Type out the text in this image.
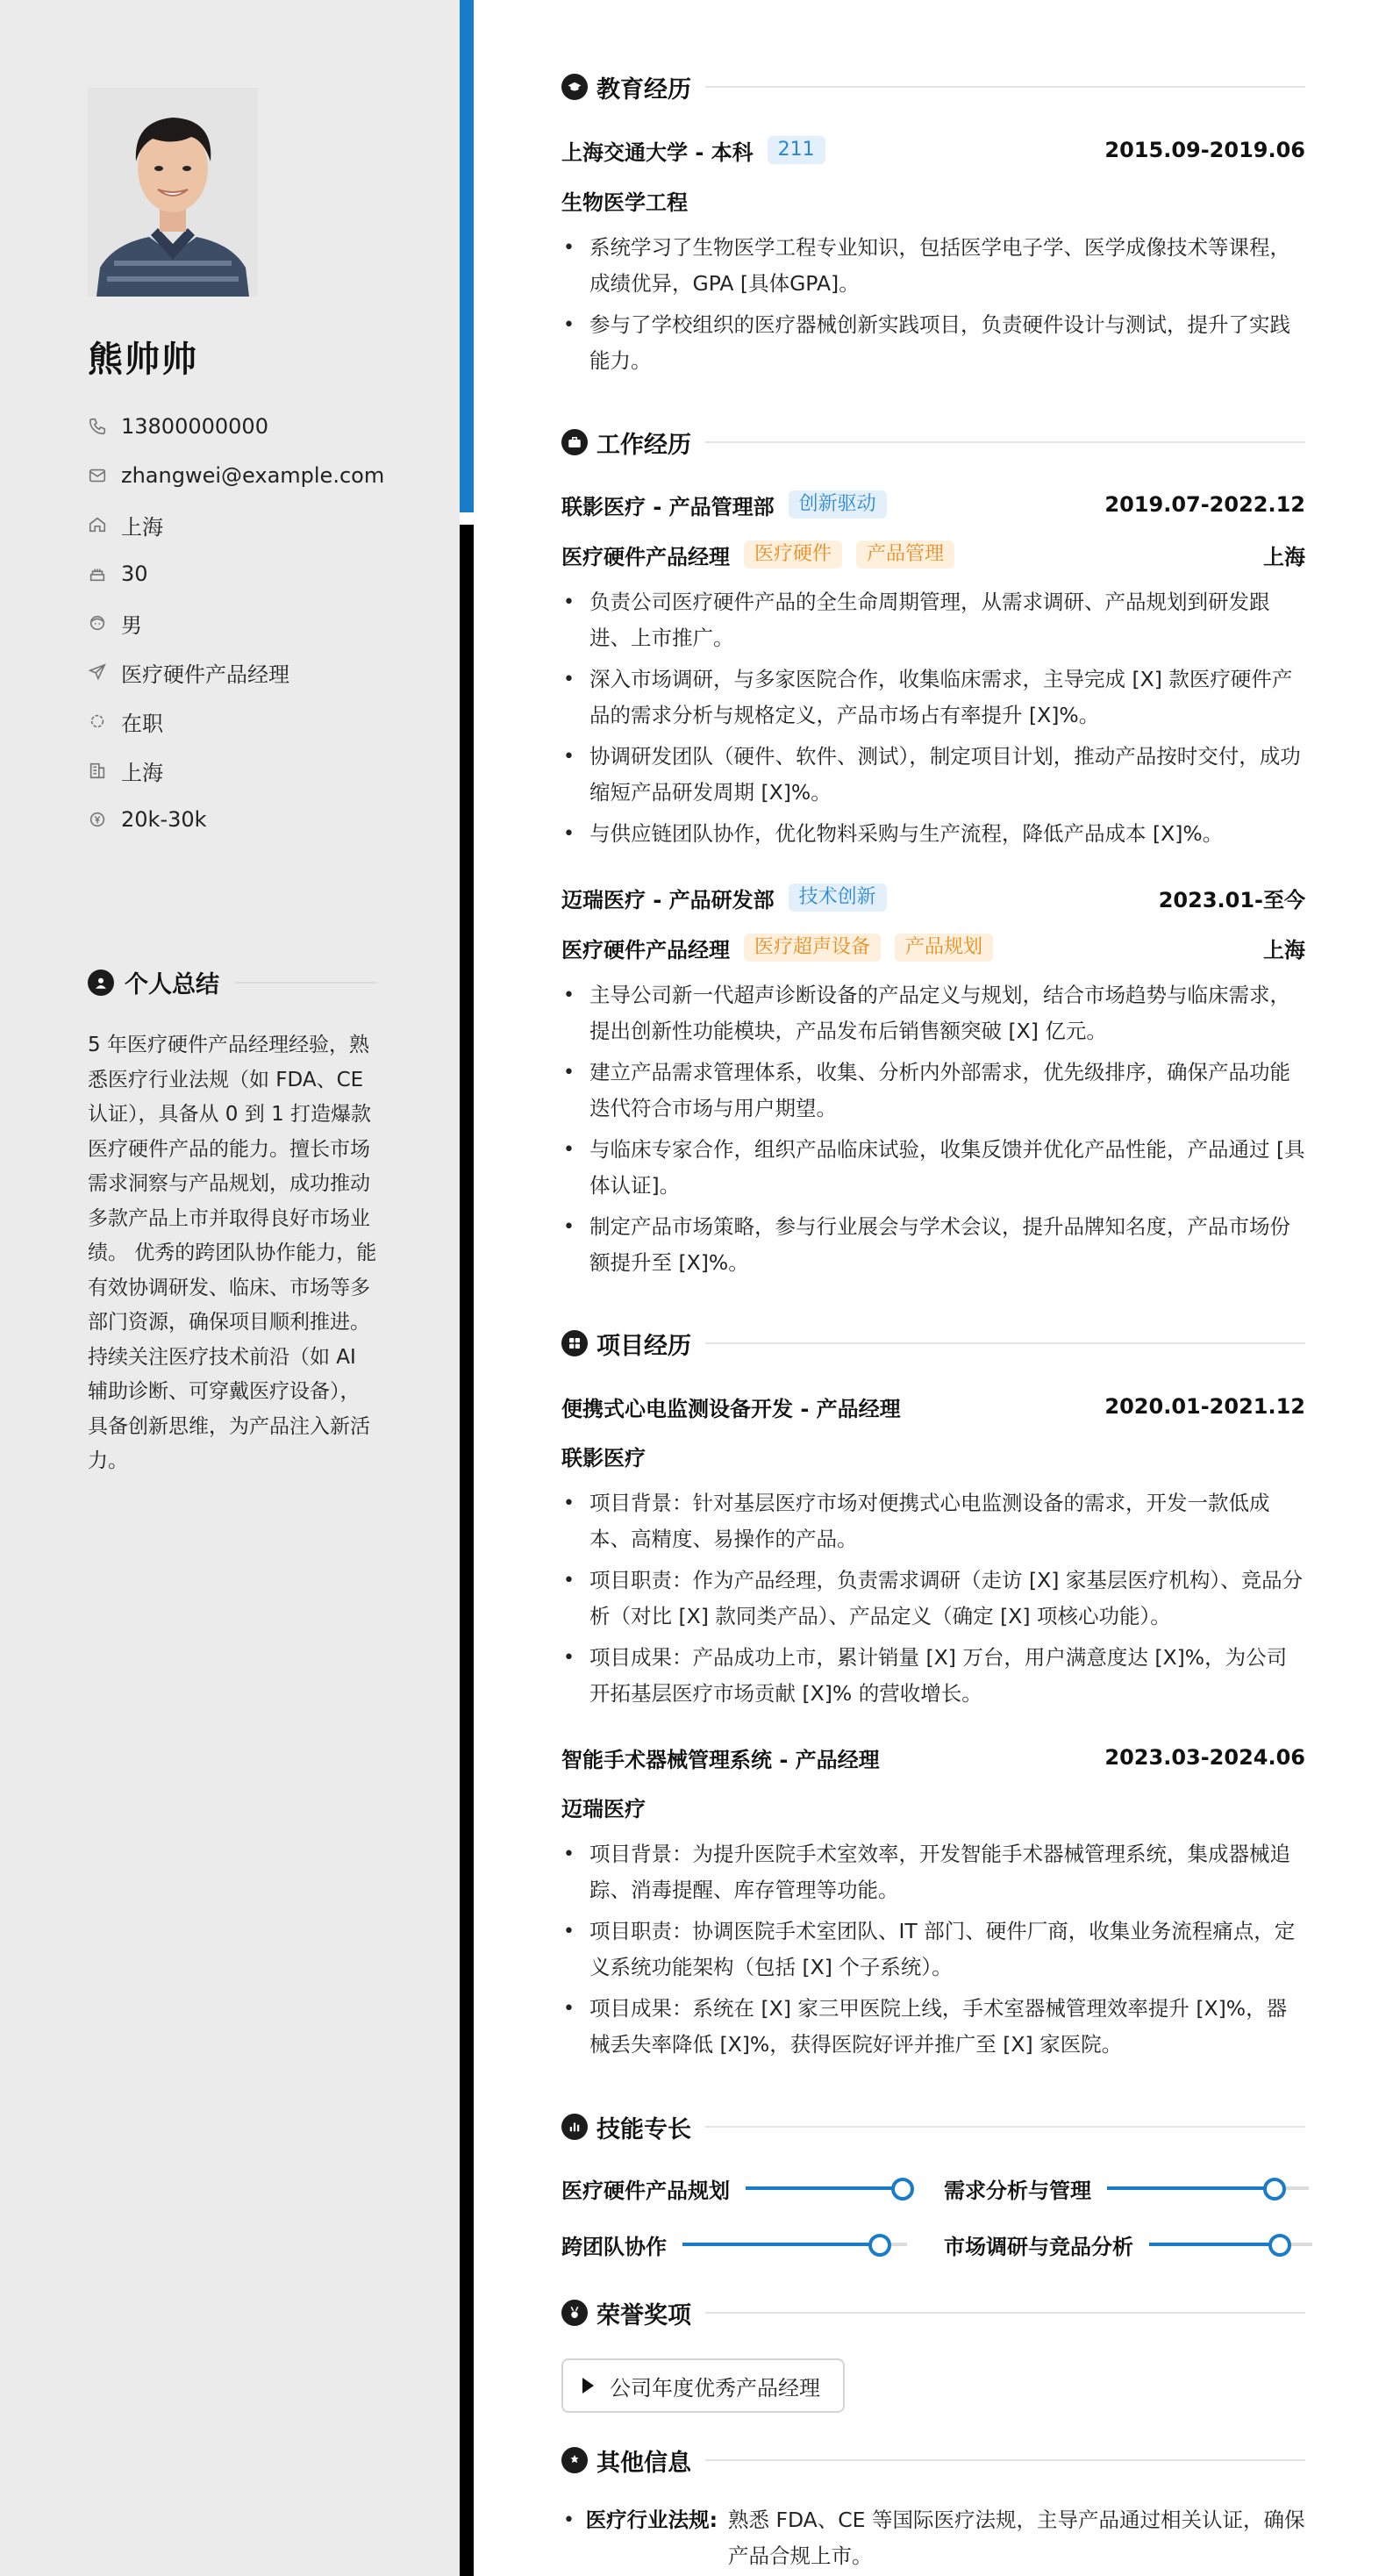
熊帅帅
13800000000
zhangwei@example.com
上海
30
男
医疗硬件产品经理
在职
上海
20k-30k
个人总结
5 年医疗硬件产品经理经验，熟悉医疗行业法规（如 FDA、CE 认证），具备从 0 到 1 打造爆款医疗硬件产品的能力。擅长市场需求洞察与产品规划，成功推动多款产品上市并取得良好市场业绩。 优秀的跨团队协作能力，能有效协调研发、临床、市场等多部门资源，确保项目顺利推进。 持续关注医疗技术前沿（如 AI 辅助诊断、可穿戴医疗设备），具备创新思维，为产品注入新活力。
教育经历
上海交通大学 - 本科	211	2015.09-2019.06
生物医学工程
• 系统学习了生物医学工程专业知识，包括医学电子学、医学成像技术等课程，成绩优异，GPA [具体GPA]。
• 参与了学校组织的医疗器械创新实践项目，负责硬件设计与测试，提升了实践能力。
工作经历
联影医疗 - 产品管理部	创新驱动	2019.07-2022.12
医疗硬件产品经理	医疗硬件	产品管理	上海
• 负责公司医疗硬件产品的全生命周期管理，从需求调研、产品规划到研发跟进、上市推广。
• 深入市场调研，与多家医院合作，收集临床需求，主导完成 [X] 款医疗硬件产品的需求分析与规格定义，产品市场占有率提升 [X]%。
• 协调研发团队（硬件、软件、测试），制定项目计划，推动产品按时交付，成功缩短产品研发周期 [X]%。
• 与供应链团队协作，优化物料采购与生产流程，降低产品成本 [X]%。
迈瑞医疗 - 产品研发部	技术创新	2023.01-至今
医疗硬件产品经理	医疗超声设备	产品规划	上海
• 主导公司新一代超声诊断设备的产品定义与规划，结合市场趋势与临床需求，提出创新性功能模块，产品发布后销售额突破 [X] 亿元。
• 建立产品需求管理体系，收集、分析内外部需求，优先级排序，确保产品功能迭代符合市场与用户期望。
• 与临床专家合作，组织产品临床试验，收集反馈并优化产品性能，产品通过 [具体认证]。
• 制定产品市场策略，参与行业展会与学术会议，提升品牌知名度，产品市场份额提升至 [X]%。
项目经历
便携式心电监测设备开发 - 产品经理	2020.01-2021.12
联影医疗
• 项目背景：针对基层医疗市场对便携式心电监测设备的需求，开发一款低成本、高精度、易操作的产品。
• 项目职责：作为产品经理，负责需求调研（走访 [X] 家基层医疗机构）、竞品分析（对比 [X] 款同类产品）、产品定义（确定 [X] 项核心功能）。
• 项目成果：产品成功上市，累计销量 [X] 万台，用户满意度达 [X]%，为公司开拓基层医疗市场贡献 [X]% 的营收增长。
智能手术器械管理系统 - 产品经理	2023.03-2024.06
迈瑞医疗
• 项目背景：为提升医院手术室效率，开发智能手术器械管理系统，集成器械追踪、消毒提醒、库存管理等功能。
• 项目职责：协调医院手术室团队、IT 部门、硬件厂商，收集业务流程痛点，定义系统功能架构（包括 [X] 个子系统）。
• 项目成果：系统在 [X] 家三甲医院上线，手术室器械管理效率提升 [X]%，器械丢失率降低 [X]%，获得医院好评并推广至 [X] 家医院。
技能专长
医疗硬件产品规划	需求分析与管理
跨团队协作	市场调研与竞品分析
荣誉奖项
公司年度优秀产品经理
其他信息
• 医疗行业法规: 熟悉 FDA、CE 等国际医疗法规，主导产品通过相关认证，确保产品合规上市。
